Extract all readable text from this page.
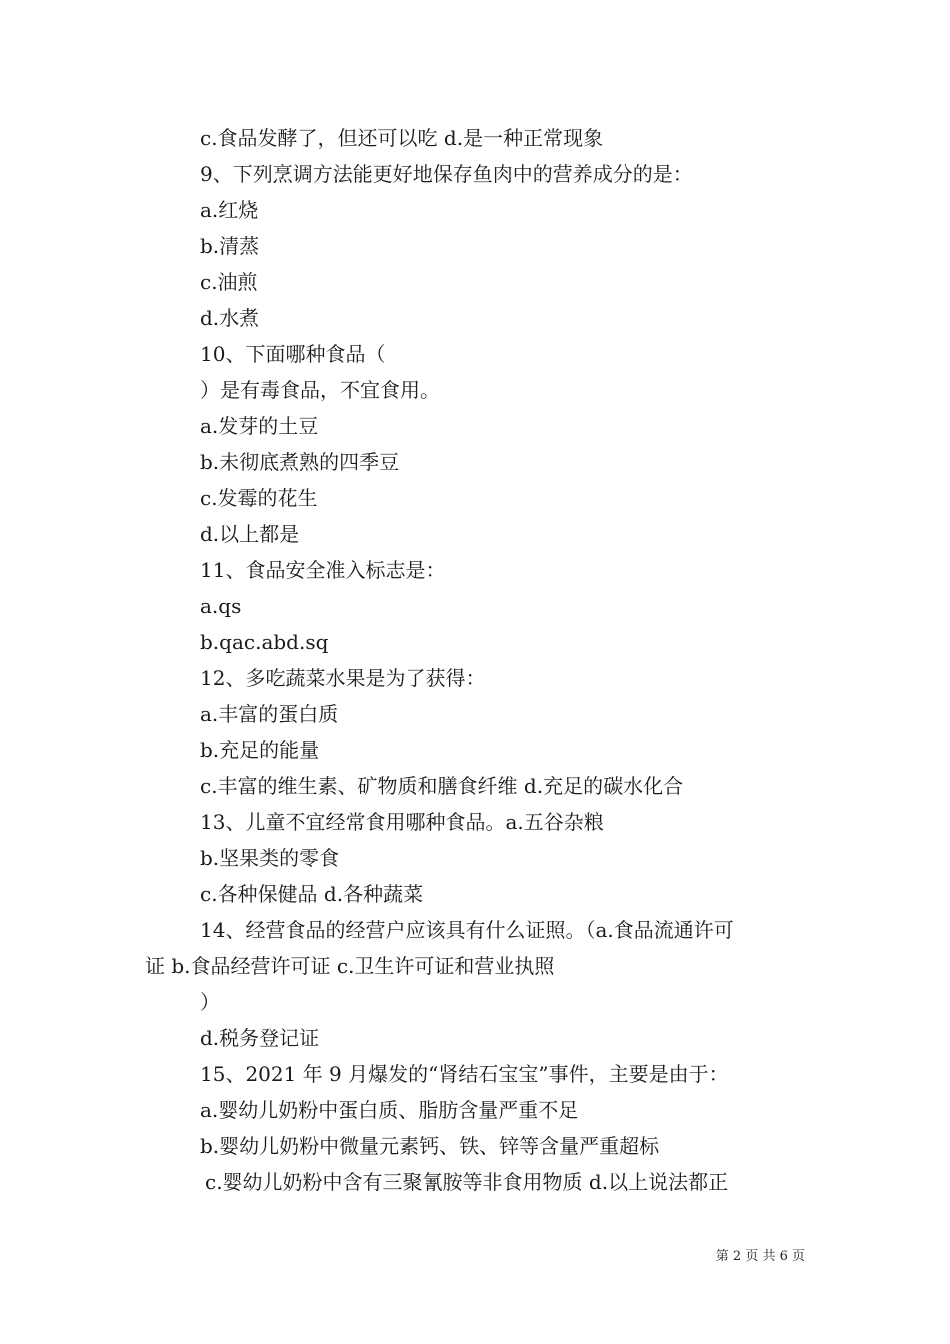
c.食品发酵了，但还可以吃 d.是一种正常现象
9、下列烹调方法能更好地保存鱼肉中的营养成分的是：
a.红烧
b.清蒸
c.油煎
d.水煮
10、下面哪种食品（
）是有毒食品，不宜食用。
a.发芽的土豆
b.未彻底煮熟的四季豆
c.发霉的花生
d.以上都是
11、食品安全准入标志是：
a.qs
b.qac.abd.sq
12、多吃蔬菜水果是为了获得：
a.丰富的蛋白质
b.充足的能量
c.丰富的维生素、矿物质和膳食纤维 d.充足的碳水化合
13、儿童不宜经常食用哪种食品。a.五谷杂粮
b.坚果类的零食
c.各种保健品 d.各种蔬菜
14、经营食品的经营户应该具有什么证照。（a.食品流通许可
证 b.食品经营许可证 c.卫生许可证和营业执照
）
d.税务登记证
15、2021 年 9 月爆发的“肾结石宝宝”事件，主要是由于：
a.婴幼儿奶粉中蛋白质、脂肪含量严重不足
b.婴幼儿奶粉中微量元素钙、铁、锌等含量严重超标
c.婴幼儿奶粉中含有三聚氰胺等非食用物质 d.以上说法都正
第 2 页 共 6 页
